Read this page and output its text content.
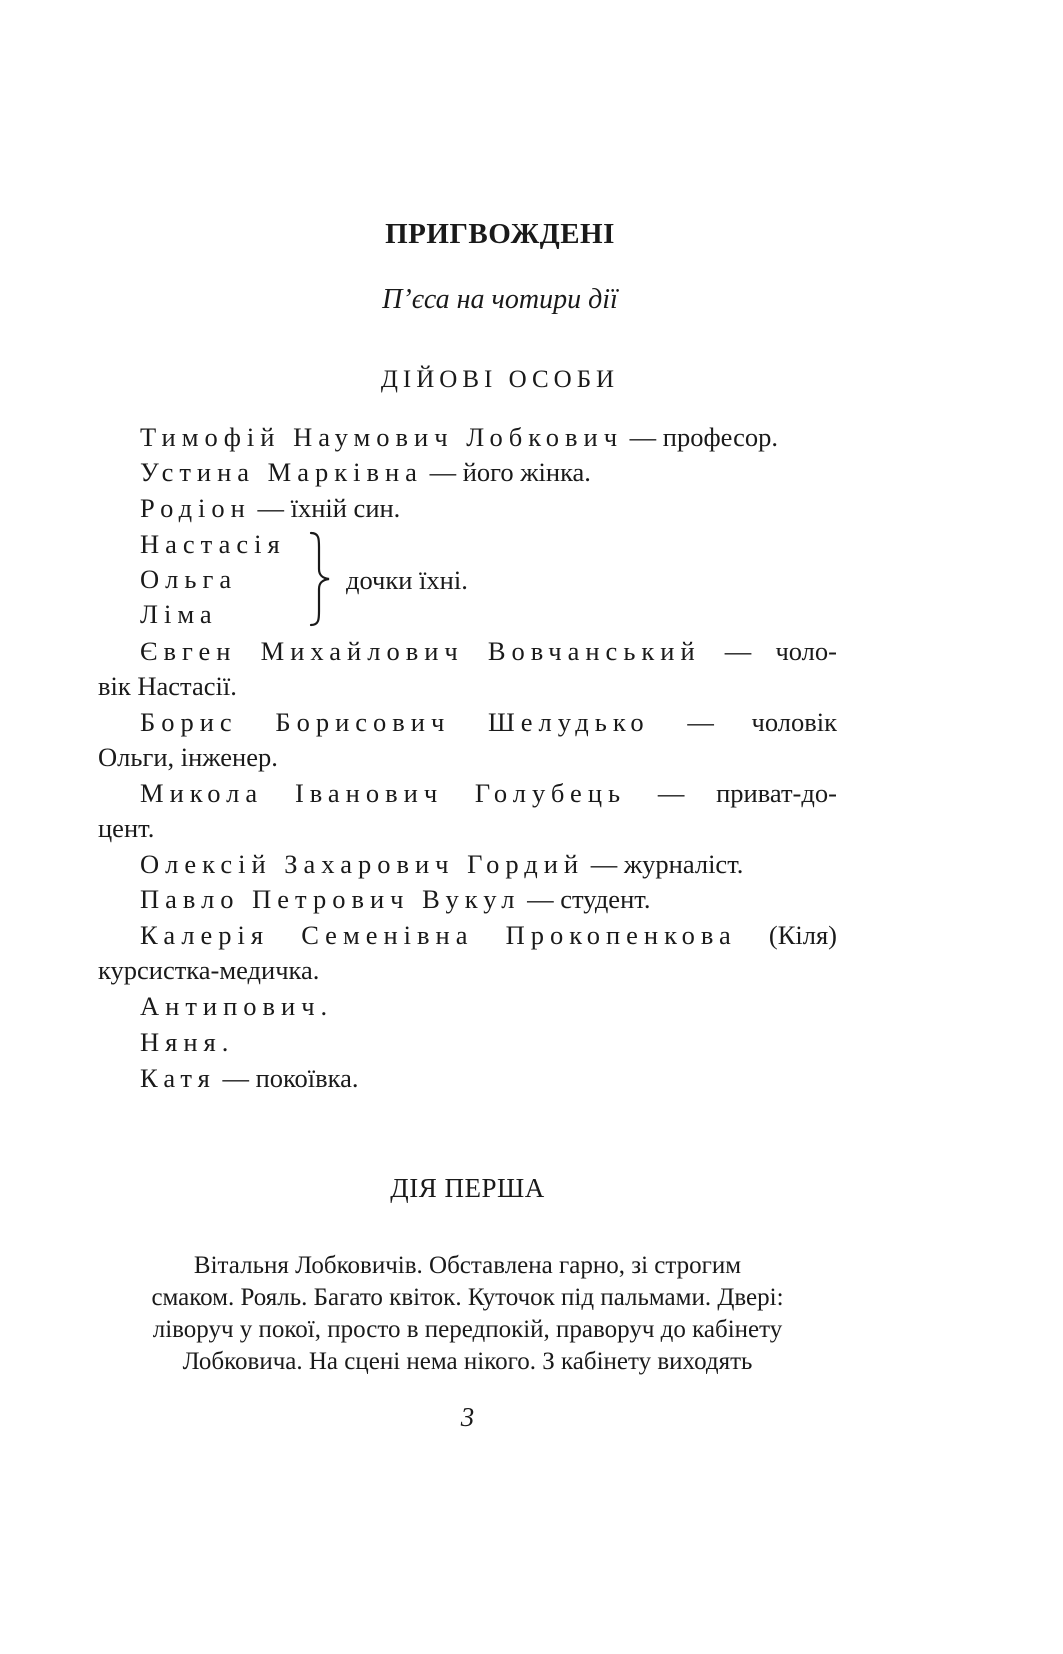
ПРИГВОЖДЕНІ
П’єса на чотири дії
ДІЙОВІ ОСОБИ
Тимофій Наумович Лобкович — професор.
Устина Марківна — його жінка.
Родіон — їхній син.
Настасія
Ольга
Ліма
дочки їхні.
Євген Михайлович Вовчанський — чоло-
вік Настасії.
Борис Борисович Шелудько — чоловік
Ольги, інженер.
Микола Іванович Голубець — приват-до-
цент.
Олексій Захарович Гордий — журналіст.
Павло Петрович Вукул — студент.
Калерія Семенівна Прокопенкова (Кіля)
курсистка-медичка.
Антипович.
Няня.
Катя — покоївка.
ДІЯ ПЕРША
Вітальня Лобковичів. Обставлена гарно, зі строгим
смаком. Рояль. Багато квіток. Куточок під пальмами. Двері:
ліворуч у покої, просто в передпокій, праворуч до кабінету
Лобковича. На сцені нема нікого. З кабінету виходять
3
